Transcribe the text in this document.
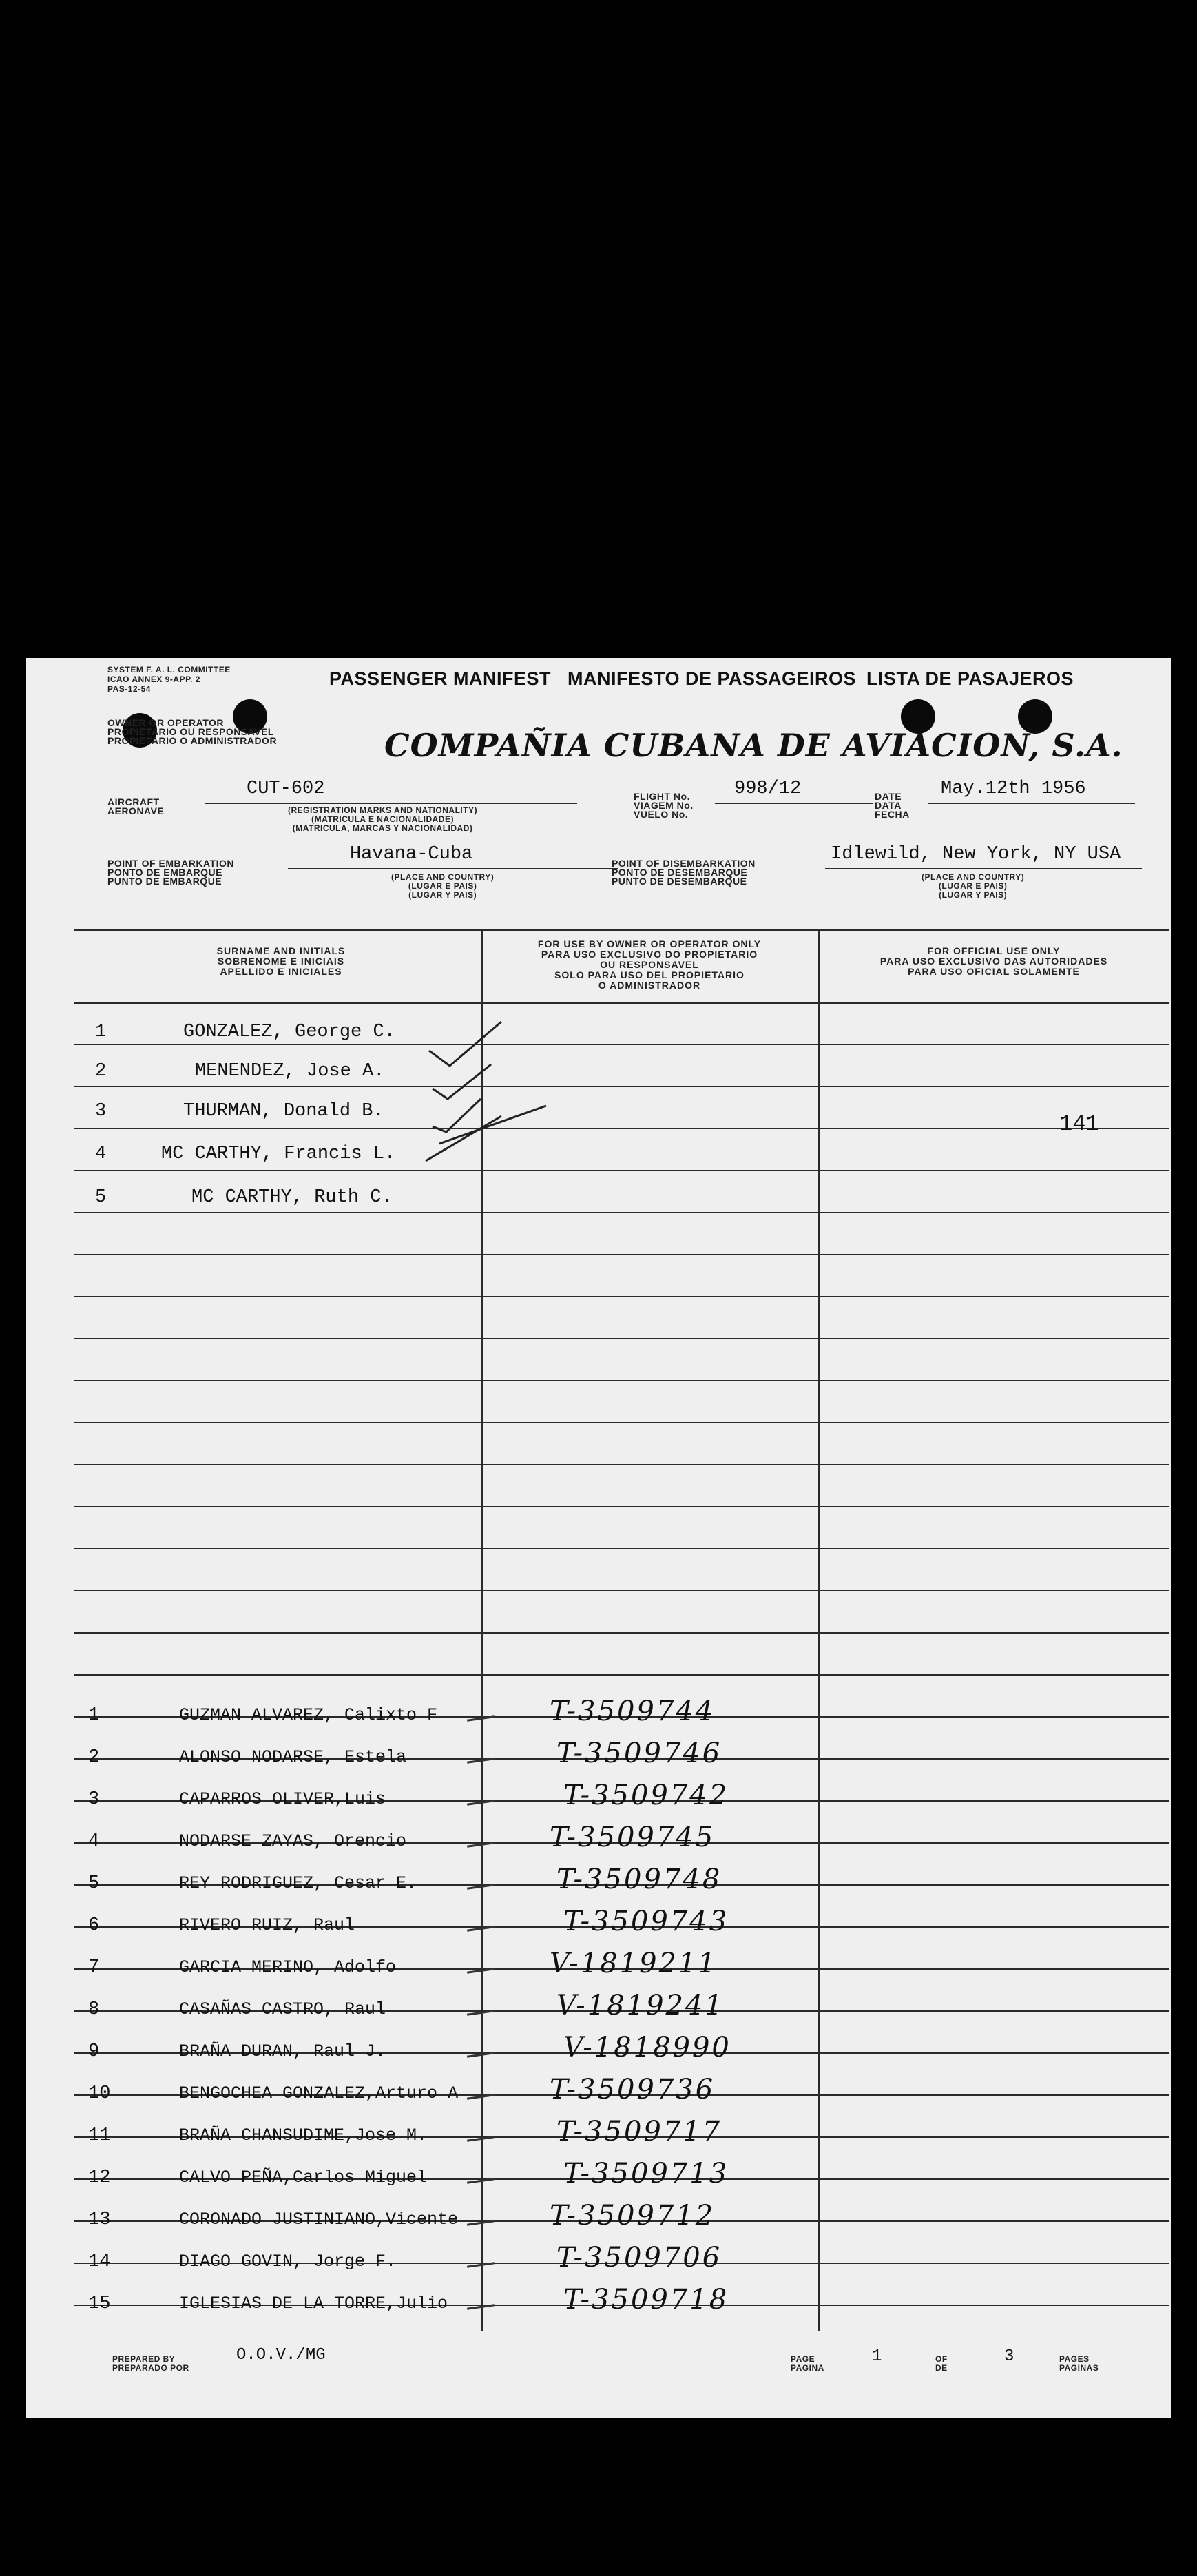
SYSTEM F. A. L. COMMITTEE
ICAO ANNEX 9-APP. 2
PAS-12-54	PASSENGER MANIFEST MANIFESTO DE PASSAGEIROS LISTA DE PASAJEROS
OWNER OR OPERATOR
PROPIETARIO OU RESPONSAVEL
PROPIETARIO O ADMINISTRADOR	COMPAÑIA CUBANA DE AVIACION, S.A.
AIRCRAFT
AERONAVE
CUT-602
(REGISTRATION MARKS AND NATIONALITY)
(MATRICULA E NACIONALIDADE)
(MATRICULA, MARCAS Y NACIONALIDAD)
FLIGHT No.
VIAGEM No.
VUELO No.
998/12	DATE
DATA
FECHA
May.12th 1956
POINT OF EMBARKATION
PONTO DE EMBARQUE
PUNTO DE EMBARQUE
Havana-Cuba
(PLACE AND COUNTRY)
(LUGAR E PAIS)
(LUGAR Y PAIS)
POINT OF DISEMBARKATION
PONTO DE DESEMBARQUE
PUNTO DE DESEMBARQUE
Idlewild, New York, NY USA
(PLACE AND COUNTRY)
(LUGAR E PAIS)
(LUGAR Y PAIS)
SURNAME AND INITIALS
SOBRENOME E INICIAIS
APELLIDO E INICIALES
FOR USE BY OWNER OR OPERATOR ONLY
PARA USO EXCLUSIVO DO PROPIETARIO
OU RESPONSAVEL
SOLO PARA USO DEL PROPIETARIO
O ADMINISTRADOR
FOR OFFICIAL USE ONLY
PARA USO EXCLUSIVO DAS AUTORIDADES
PARA USO OFICIAL SOLAMENTE
141
1	GONZALEZ, George C.
2	MENENDEZ, Jose A.
3	THURMAN, Donald B.
4	MC CARTHY, Francis L.
5	MC CARTHY, Ruth C.
1	GUZMAN ALVAREZ, Calixto F	T-3509744
2	ALONSO NODARSE, Estela	T-3509746
3	CAPARROS OLIVER,Luis	T-3509742
4	NODARSE ZAYAS, Orencio	T-3509745
5	REY RODRIGUEZ, Cesar E.	T-3509748
6	RIVERO RUIZ, Raul	T-3509743
7	GARCIA MERINO, Adolfo	V-1819211
8	CASAÑAS CASTRO, Raul	V-1819241
9	BRAÑA DURAN, Raul J.	V-1818990
10	BENGOCHEA GONZALEZ,Arturo A	T-3509736
11	BRAÑA CHANSUDIME,Jose M.	T-3509717
12	CALVO PEÑA,Carlos Miguel	T-3509713
13	CORONADO JUSTINIANO,Vicente	T-3509712
14	DIAGO GOVIN, Jorge F.	T-3509706
15	IGLESIAS DE LA TORRE,Julio	T-3509718
PREPARED BY
PREPARADO POR
O.O.V./MG	PAGE
PAGINA
1	OF
DE
3	PAGES
PAGINAS
